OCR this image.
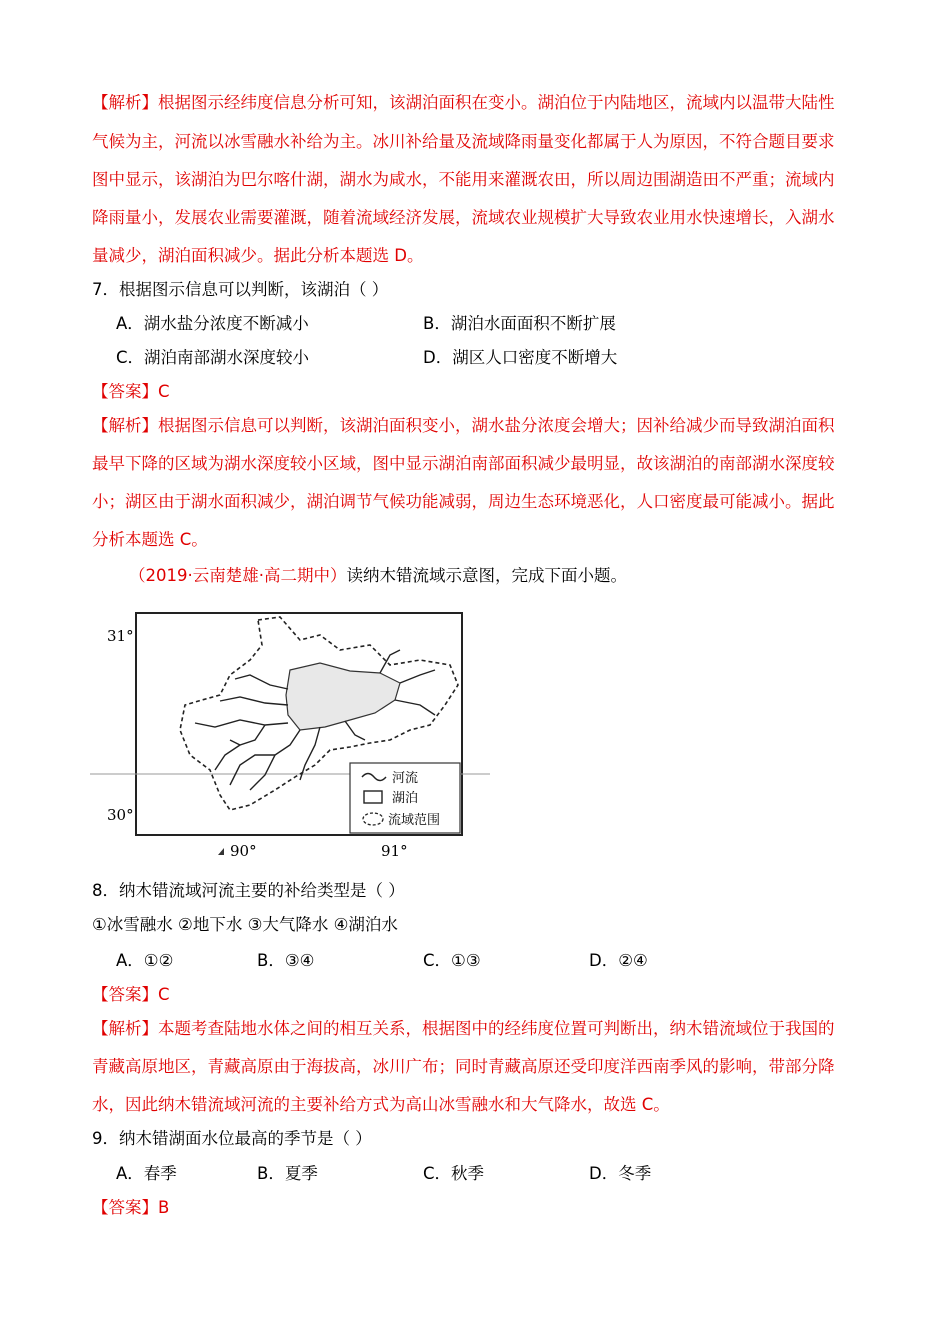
【解析】根据图示经纬度信息分析可知，该湖泊面积在变小。湖泊位于内陆地区，流域内以温带大陆性
气候为主，河流以冰雪融水补给为主。冰川补给量及流域降雨量变化都属于人为原因，不符合题目要求
图中显示，该湖泊为巴尔喀什湖，湖水为咸水，不能用来灌溉农田，所以周边围湖造田不严重；流域内
降雨量小，发展农业需要灌溉，随着流域经济发展，流域农业规模扩大导致农业用水快速增长，入湖水
量减少，湖泊面积减少。据此分析本题选 D。
7．根据图示信息可以判断，该湖泊（ ）
A．湖水盐分浓度不断减小	B．湖泊水面面积不断扩展
C．湖泊南部湖水深度较小	D．湖区人口密度不断增大
【答案】C
【解析】根据图示信息可以判断，该湖泊面积变小，湖水盐分浓度会增大；因补给减少而导致湖泊面积
最早下降的区域为湖水深度较小区域，图中显示湖泊南部面积减少最明显，故该湖泊的南部湖水深度较
小；湖区由于湖水面积减少，湖泊调节气候功能减弱，周边生态环境恶化，人口密度最可能减小。据此
分析本题选 C。
（2019·云南楚雄·高二期中）读纳木错流域示意图，完成下面小题。
31°
30°
90°	91°
河流
湖泊
流域范围
8．纳木错流域河流主要的补给类型是（ ）
①冰雪融水 ②地下水 ③大气降水 ④湖泊水
A．①②	B．③④	C．①③	D．②④
【答案】C
【解析】本题考查陆地水体之间的相互关系，根据图中的经纬度位置可判断出，纳木错流域位于我国的
青藏高原地区，青藏高原由于海拔高，冰川广布；同时青藏高原还受印度洋西南季风的影响，带部分降
水，因此纳木错流域河流的主要补给方式为高山冰雪融水和大气降水，故选 C。
9．纳木错湖面水位最高的季节是（ ）
A．春季	B．夏季	C．秋季	D．冬季
【答案】B
